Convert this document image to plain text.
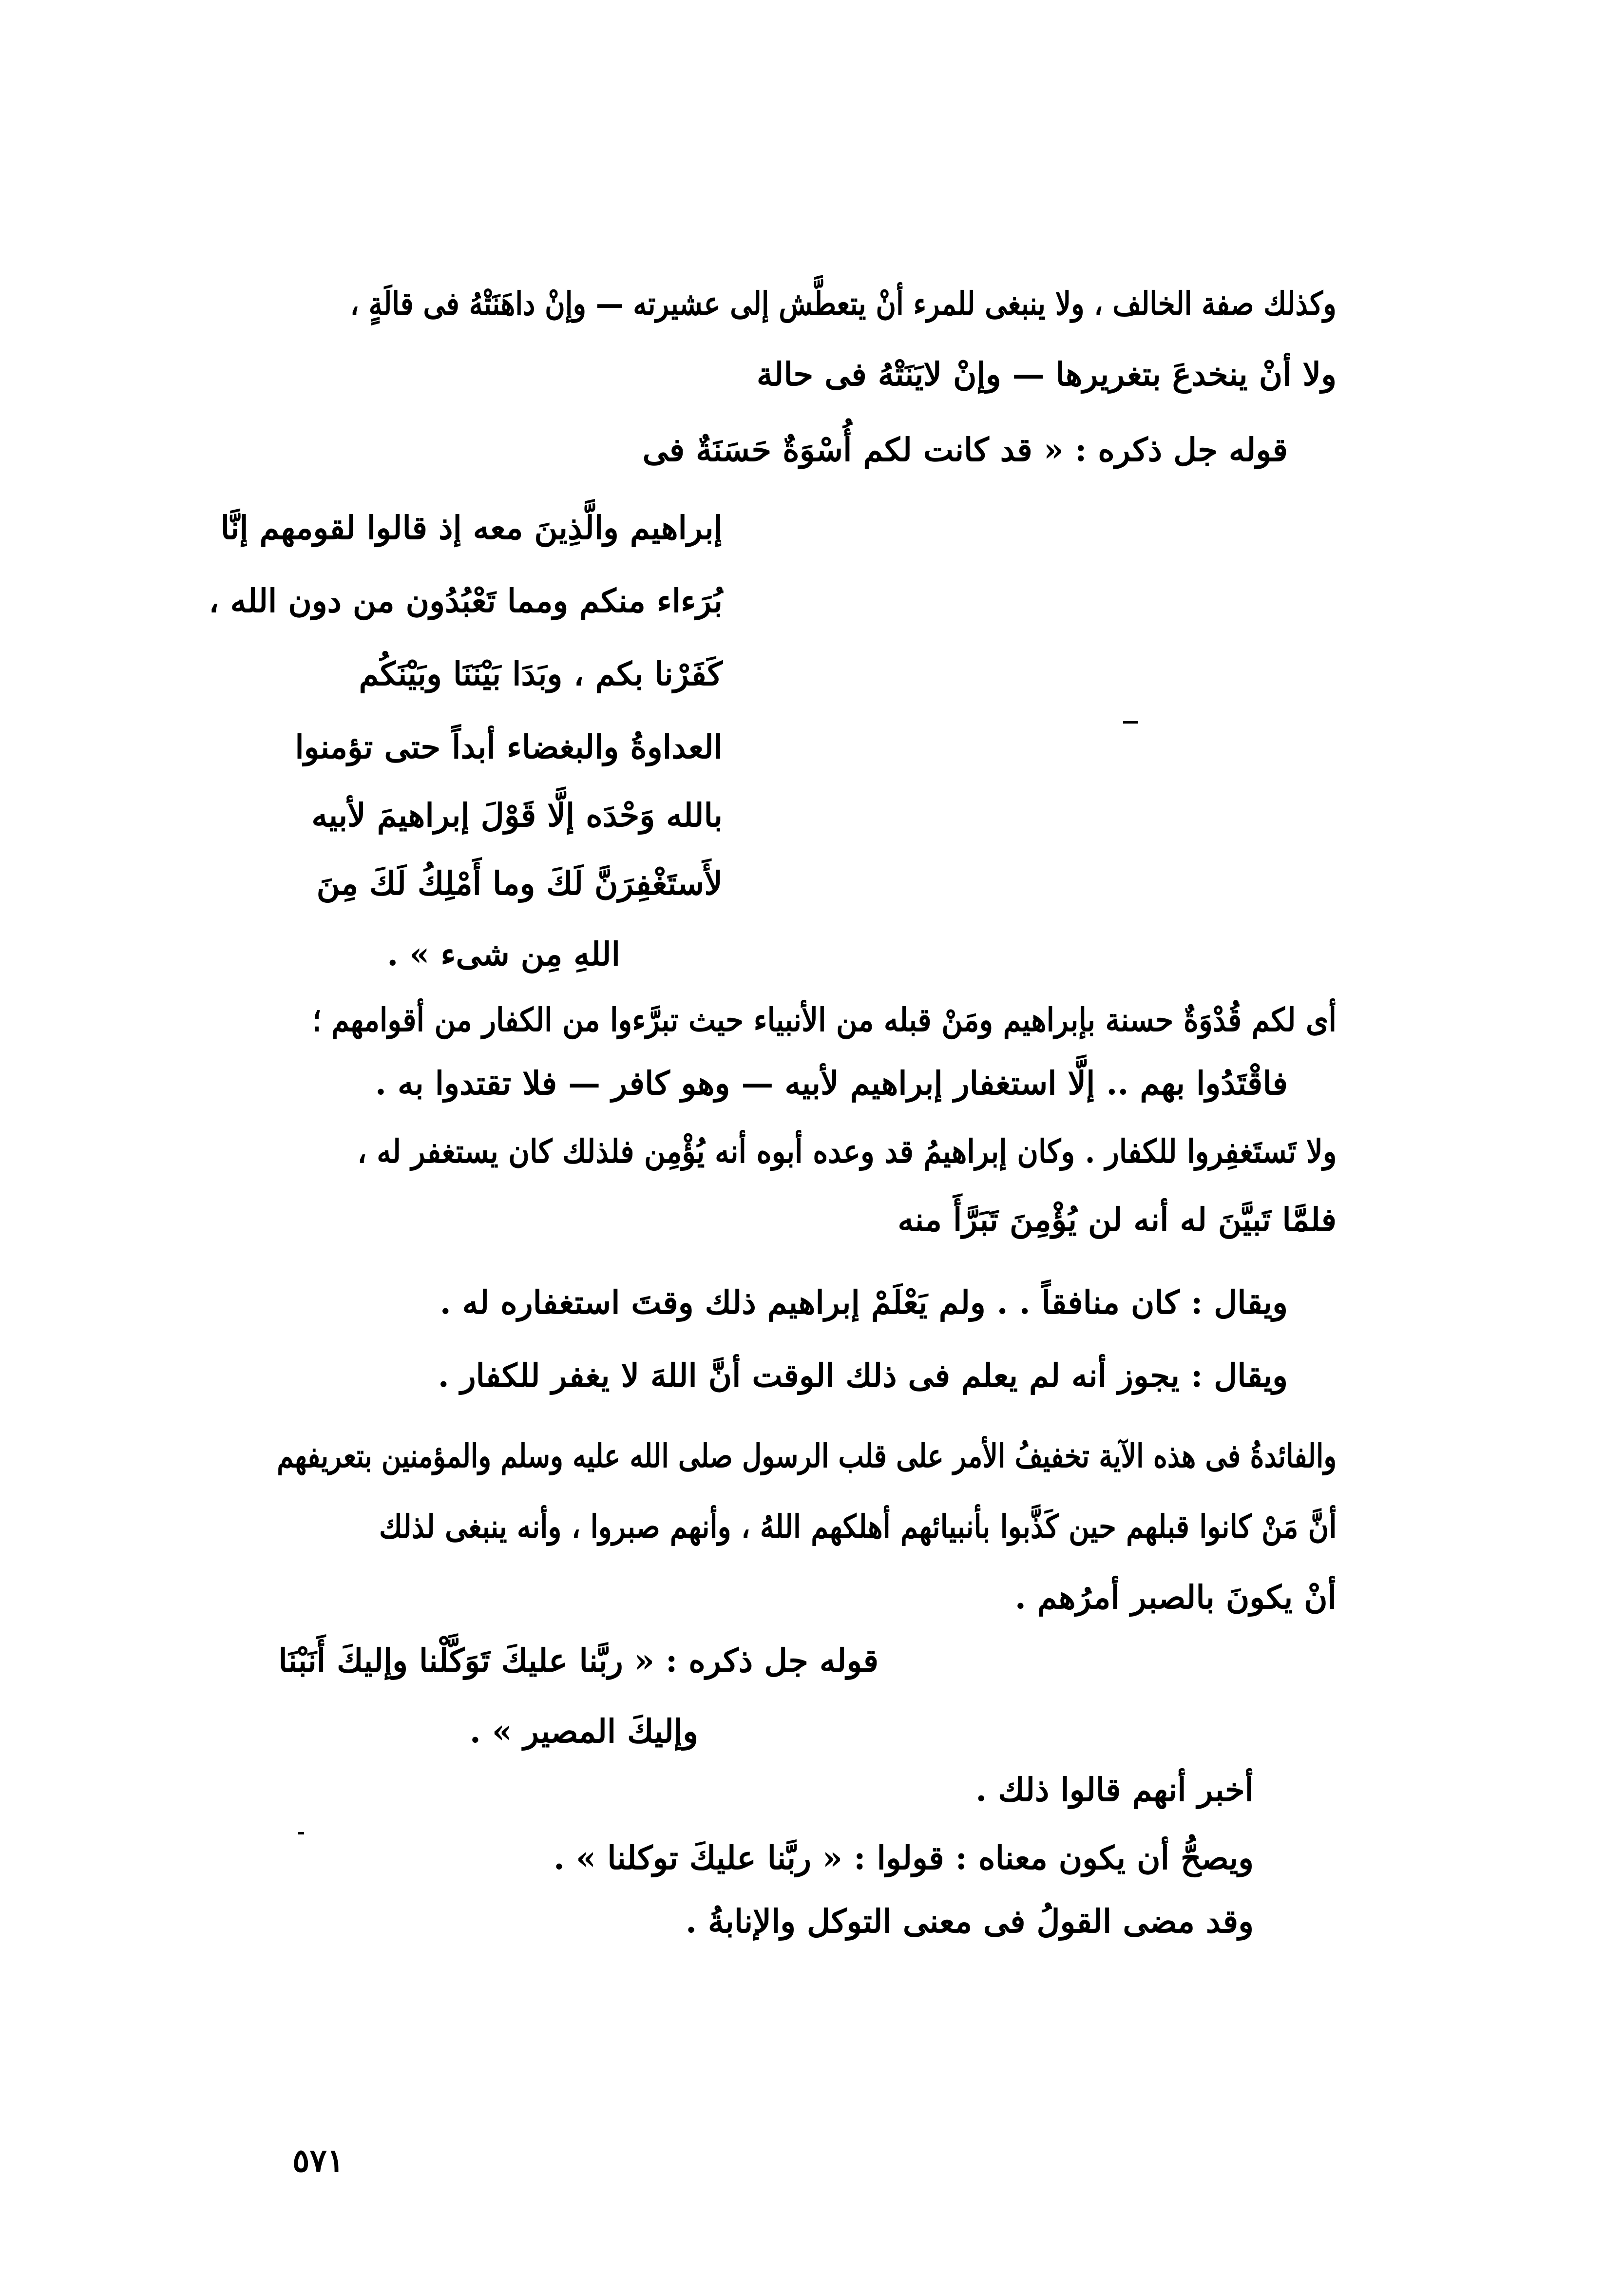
وكذلك صفة الخالف ، ولا ينبغى للمرء أنْ يتعطَّش إلى عشيرته — وإنْ داهَنَتْهُ فى قالَةٍ ،
ولا أنْ ينخدعَ بتغريرها — وإنْ لايَنَتْهُ فى حالة
قوله جل ذكره : « قد كانت لكم أُسْوَةٌ حَسَنَةٌ فى
إبراهيم والَّذِينَ معه إذ قالوا لقومهم إنَّا
بُرَءاء منكم ومما تَعْبُدُون من دون الله ،
كَفَرْنا بكم ، وبَدَا بَيْنَنَا وبَيْنَكُم
العداوةُ والبغضاء أبداً حتى تؤمنوا
بالله وَحْدَه إلَّا قَوْلَ إبراهيمَ لأبيه
لأَستَغْفِرَنَّ لَكَ وما أَمْلِكُ لَكَ مِنَ
اللهِ مِن شىء » .
أى لكم قُدْوَةٌ حسنة بإبراهيم ومَنْ قبله من الأنبياء حيث تبرَّءوا من الكفار من أقوامهم ؛
فاقْتَدُوا بهم .. إلَّا استغفار إبراهيم لأبيه — وهو كافر — فلا تقتدوا به .
ولا تَستَغفِروا للكفار . وكان إبراهيمُ قد وعده أبوه أنه يُؤْمِن فلذلك كان يستغفر له ،
فلمَّا تَبيَّنَ له أنه لن يُؤْمِنَ تَبَرَّأَ منه
ويقال : كان منافقاً . . ولم يَعْلَمْ إبراهيم ذلك وقتَ استغفاره له .
ويقال : يجوز أنه لم يعلم فى ذلك الوقت أنَّ اللهَ لا يغفر للكفار .
والفائدةُ فى هذه الآية تخفيفُ الأمر على قلب الرسول صلى الله عليه وسلم والمؤمنين بتعريفهم
أنَّ مَنْ كانوا قبلهم حين كَذَّبوا بأنبيائهم أهلكهم اللهُ ، وأنهم صبروا ، وأنه ينبغى لذلك
أنْ يكونَ بالصبر أمرُهم .
قوله جل ذكره : « ربَّنا عليكَ تَوَكَّلْنا وإليكَ أَنَبْنَا
وإليكَ المصير » .
أخبر أنهم قالوا ذلك .
ويصحُّ أن يكون معناه : قولوا : « ربَّنا عليكَ توكلنا » .
وقد مضى القولُ فى معنى التوكل والإنابةُ .
٥٧١
